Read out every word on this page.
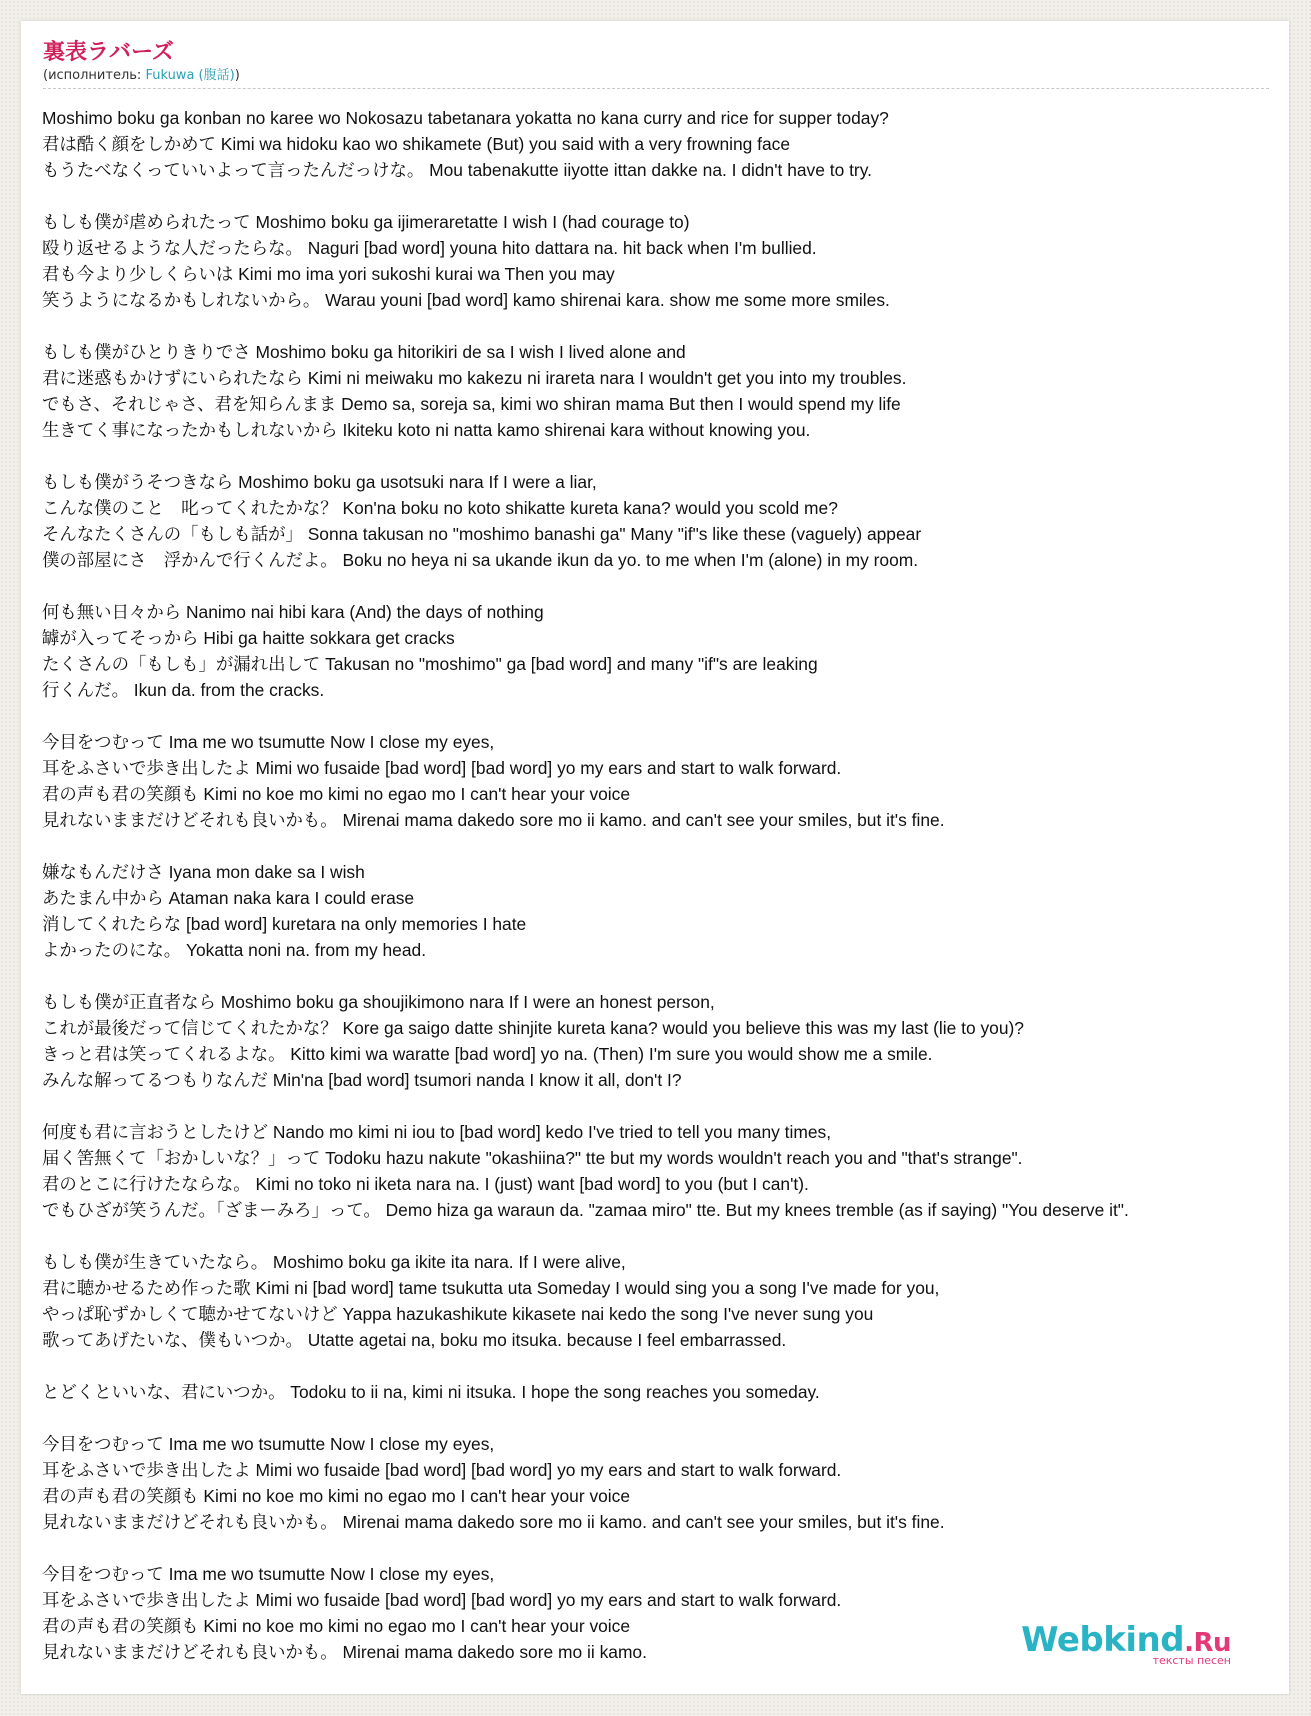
裏表ラバーズ
(исполнитель: Fukuwa (腹話))
Moshimo boku ga konban no karee wo Nokosazu tabetanara yokatta no kana curry and rice for supper today?
君は酷く顔をしかめて Kimi wa hidoku kao wo shikamete (But) you said with a very frowning face
もうたべなくっていいよって言ったんだっけな。 Mou tabenakutte iiyotte ittan dakke na. I didn't have to try.
もしも僕が虐められたって Moshimo boku ga ijimeraretatte I wish I (had courage to)
殴り返せるような人だったらな。 Naguri [bad word] youna hito dattara na. hit back when I'm bullied.
君も今より少しくらいは Kimi mo ima yori sukoshi kurai wa Then you may
笑うようになるかもしれないから。 Warau youni [bad word] kamo shirenai kara. show me some more smiles.
もしも僕がひとりきりでさ Moshimo boku ga hitorikiri de sa I wish I lived alone and
君に迷惑もかけずにいられたなら Kimi ni meiwaku mo kakezu ni irareta nara I wouldn't get you into my troubles.
でもさ、それじゃさ、君を知らんまま Demo sa, soreja sa, kimi wo shiran mama But then I would spend my life
生きてく事になったかもしれないから Ikiteku koto ni natta kamo shirenai kara without knowing you.
もしも僕がうそつきなら Moshimo boku ga usotsuki nara If I were a liar,
こんな僕のこと　叱ってくれたかな？ Kon'na boku no koto shikatte kureta kana? would you scold me?
そんなたくさんの「もしも話が」 Sonna takusan no "moshimo banashi ga" Many "if"s like these (vaguely) appear
僕の部屋にさ　浮かんで行くんだよ。 Boku no heya ni sa ukande ikun da yo. to me when I'm (alone) in my room.
何も無い日々から Nanimo nai hibi kara (And) the days of nothing
罅が入ってそっから Hibi ga haitte sokkara get cracks
たくさんの「もしも」が漏れ出して Takusan no "moshimo" ga [bad word] and many "if"s are leaking
行くんだ。 Ikun da. from the cracks.
今目をつむって Ima me wo tsumutte Now I close my eyes,
耳をふさいで歩き出したよ Mimi wo fusaide [bad word] [bad word] yo my ears and start to walk forward.
君の声も君の笑顔も Kimi no koe mo kimi no egao mo I can't hear your voice
見れないままだけどそれも良いかも。 Mirenai mama dakedo sore mo ii kamo. and can't see your smiles, but it's fine.
嫌なもんだけさ Iyana mon dake sa I wish
あたまん中から Ataman naka kara I could erase
消してくれたらな [bad word] kuretara na only memories I hate
よかったのにな。 Yokatta noni na. from my head.
もしも僕が正直者なら Moshimo boku ga shoujikimono nara If I were an honest person,
これが最後だって信じてくれたかな？ Kore ga saigo datte shinjite kureta kana? would you believe this was my last (lie to you)?
きっと君は笑ってくれるよな。 Kitto kimi wa waratte [bad word] yo na. (Then) I'm sure you would show me a smile.
みんな解ってるつもりなんだ Min'na [bad word] tsumori nanda I know it all, don't I?
何度も君に言おうとしたけど Nando mo kimi ni iou to [bad word] kedo I've tried to tell you many times,
届く筈無くて「おかしいな？」って Todoku hazu nakute "okashiina?" tte but my words wouldn't reach you and "that's strange".
君のとこに行けたならな。 Kimi no toko ni iketa nara na. I (just) want [bad word] to you (but I can't).
でもひざが笑うんだ。「ざまーみろ」って。 Demo hiza ga waraun da. "zamaa miro" tte. But my knees tremble (as if saying) "You deserve it".
もしも僕が生きていたなら。 Moshimo boku ga ikite ita nara. If I were alive,
君に聴かせるため作った歌 Kimi ni [bad word] tame tsukutta uta Someday I would sing you a song I've made for you,
やっぱ恥ずかしくて聴かせてないけど Yappa hazukashikute kikasete nai kedo the song I've never sung you
歌ってあげたいな、僕もいつか。 Utatte agetai na, boku mo itsuka. because I feel embarrassed.
とどくといいな、君にいつか。 Todoku to ii na, kimi ni itsuka. I hope the song reaches you someday.
今目をつむって Ima me wo tsumutte Now I close my eyes,
耳をふさいで歩き出したよ Mimi wo fusaide [bad word] [bad word] yo my ears and start to walk forward.
君の声も君の笑顔も Kimi no koe mo kimi no egao mo I can't hear your voice
見れないままだけどそれも良いかも。 Mirenai mama dakedo sore mo ii kamo. and can't see your smiles, but it's fine.
今目をつむって Ima me wo tsumutte Now I close my eyes,
耳をふさいで歩き出したよ Mimi wo fusaide [bad word] [bad word] yo my ears and start to walk forward.
君の声も君の笑顔も Kimi no koe mo kimi no egao mo I can't hear your voice
見れないままだけどそれも良いかも。 Mirenai mama dakedo sore mo ii kamo.	Webkind.Ru
тексты песен
